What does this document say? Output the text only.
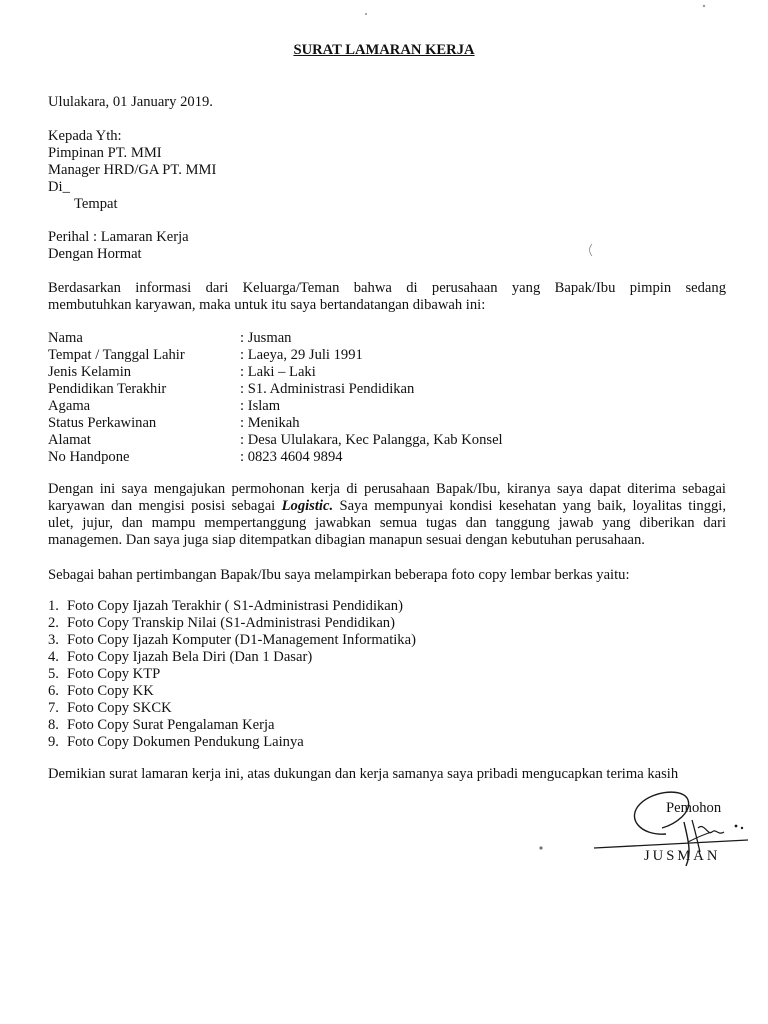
SURAT LAMARAN KERJA
Ululakara, 01 January 2019.
Kepada Yth:
Pimpinan PT. MMI
Manager HRD/GA PT. MMI
Di_
Tempat
Perihal : Lamaran Kerja
Dengan Hormat
Berdasarkan informasi dari Keluarga/Teman bahwa di perusahaan yang Bapak/Ibu pimpin sedang
membutuhkan karyawan, maka untuk itu saya bertandatangan dibawah ini:
Nama	: Jusman
Tempat / Tanggal Lahir	: Laeya, 29 Juli 1991
Jenis Kelamin	: Laki – Laki
Pendidikan Terakhir	: S1. Administrasi Pendidikan
Agama	: Islam
Status Perkawinan	: Menikah
Alamat	: Desa Ululakara, Kec Palangga, Kab Konsel
No Handpone	: 0823 4604 9894
Dengan ini saya mengajukan permohonan kerja di perusahaan Bapak/Ibu, kiranya saya dapat diterima sebagai
karyawan dan mengisi posisi sebagai Logistic. Saya mempunyai kondisi kesehatan yang baik, loyalitas tinggi,
ulet, jujur, dan mampu mempertanggung jawabkan semua tugas dan tanggung jawab yang diberikan dari
managemen. Dan saya juga siap ditempatkan dibagian manapun sesuai dengan kebutuhan perusahaan.
Sebagai bahan pertimbangan Bapak/Ibu saya melampirkan beberapa foto copy lembar berkas yaitu:
1. Foto Copy Ijazah Terakhir ( S1-Administrasi Pendidikan)
2. Foto Copy Transkip Nilai (S1-Administrasi Pendidikan)
3. Foto Copy Ijazah Komputer (D1-Management Informatika)
4. Foto Copy Ijazah Bela Diri (Dan 1 Dasar)
5. Foto Copy KTP
6. Foto Copy KK
7. Foto Copy SKCK
8. Foto Copy Surat Pengalaman Kerja
9. Foto Copy Dokumen Pendukung Lainya
Demikian surat lamaran kerja ini, atas dukungan dan kerja samanya saya pribadi mengucapkan terima kasih
Pemohon
JUSMAN
